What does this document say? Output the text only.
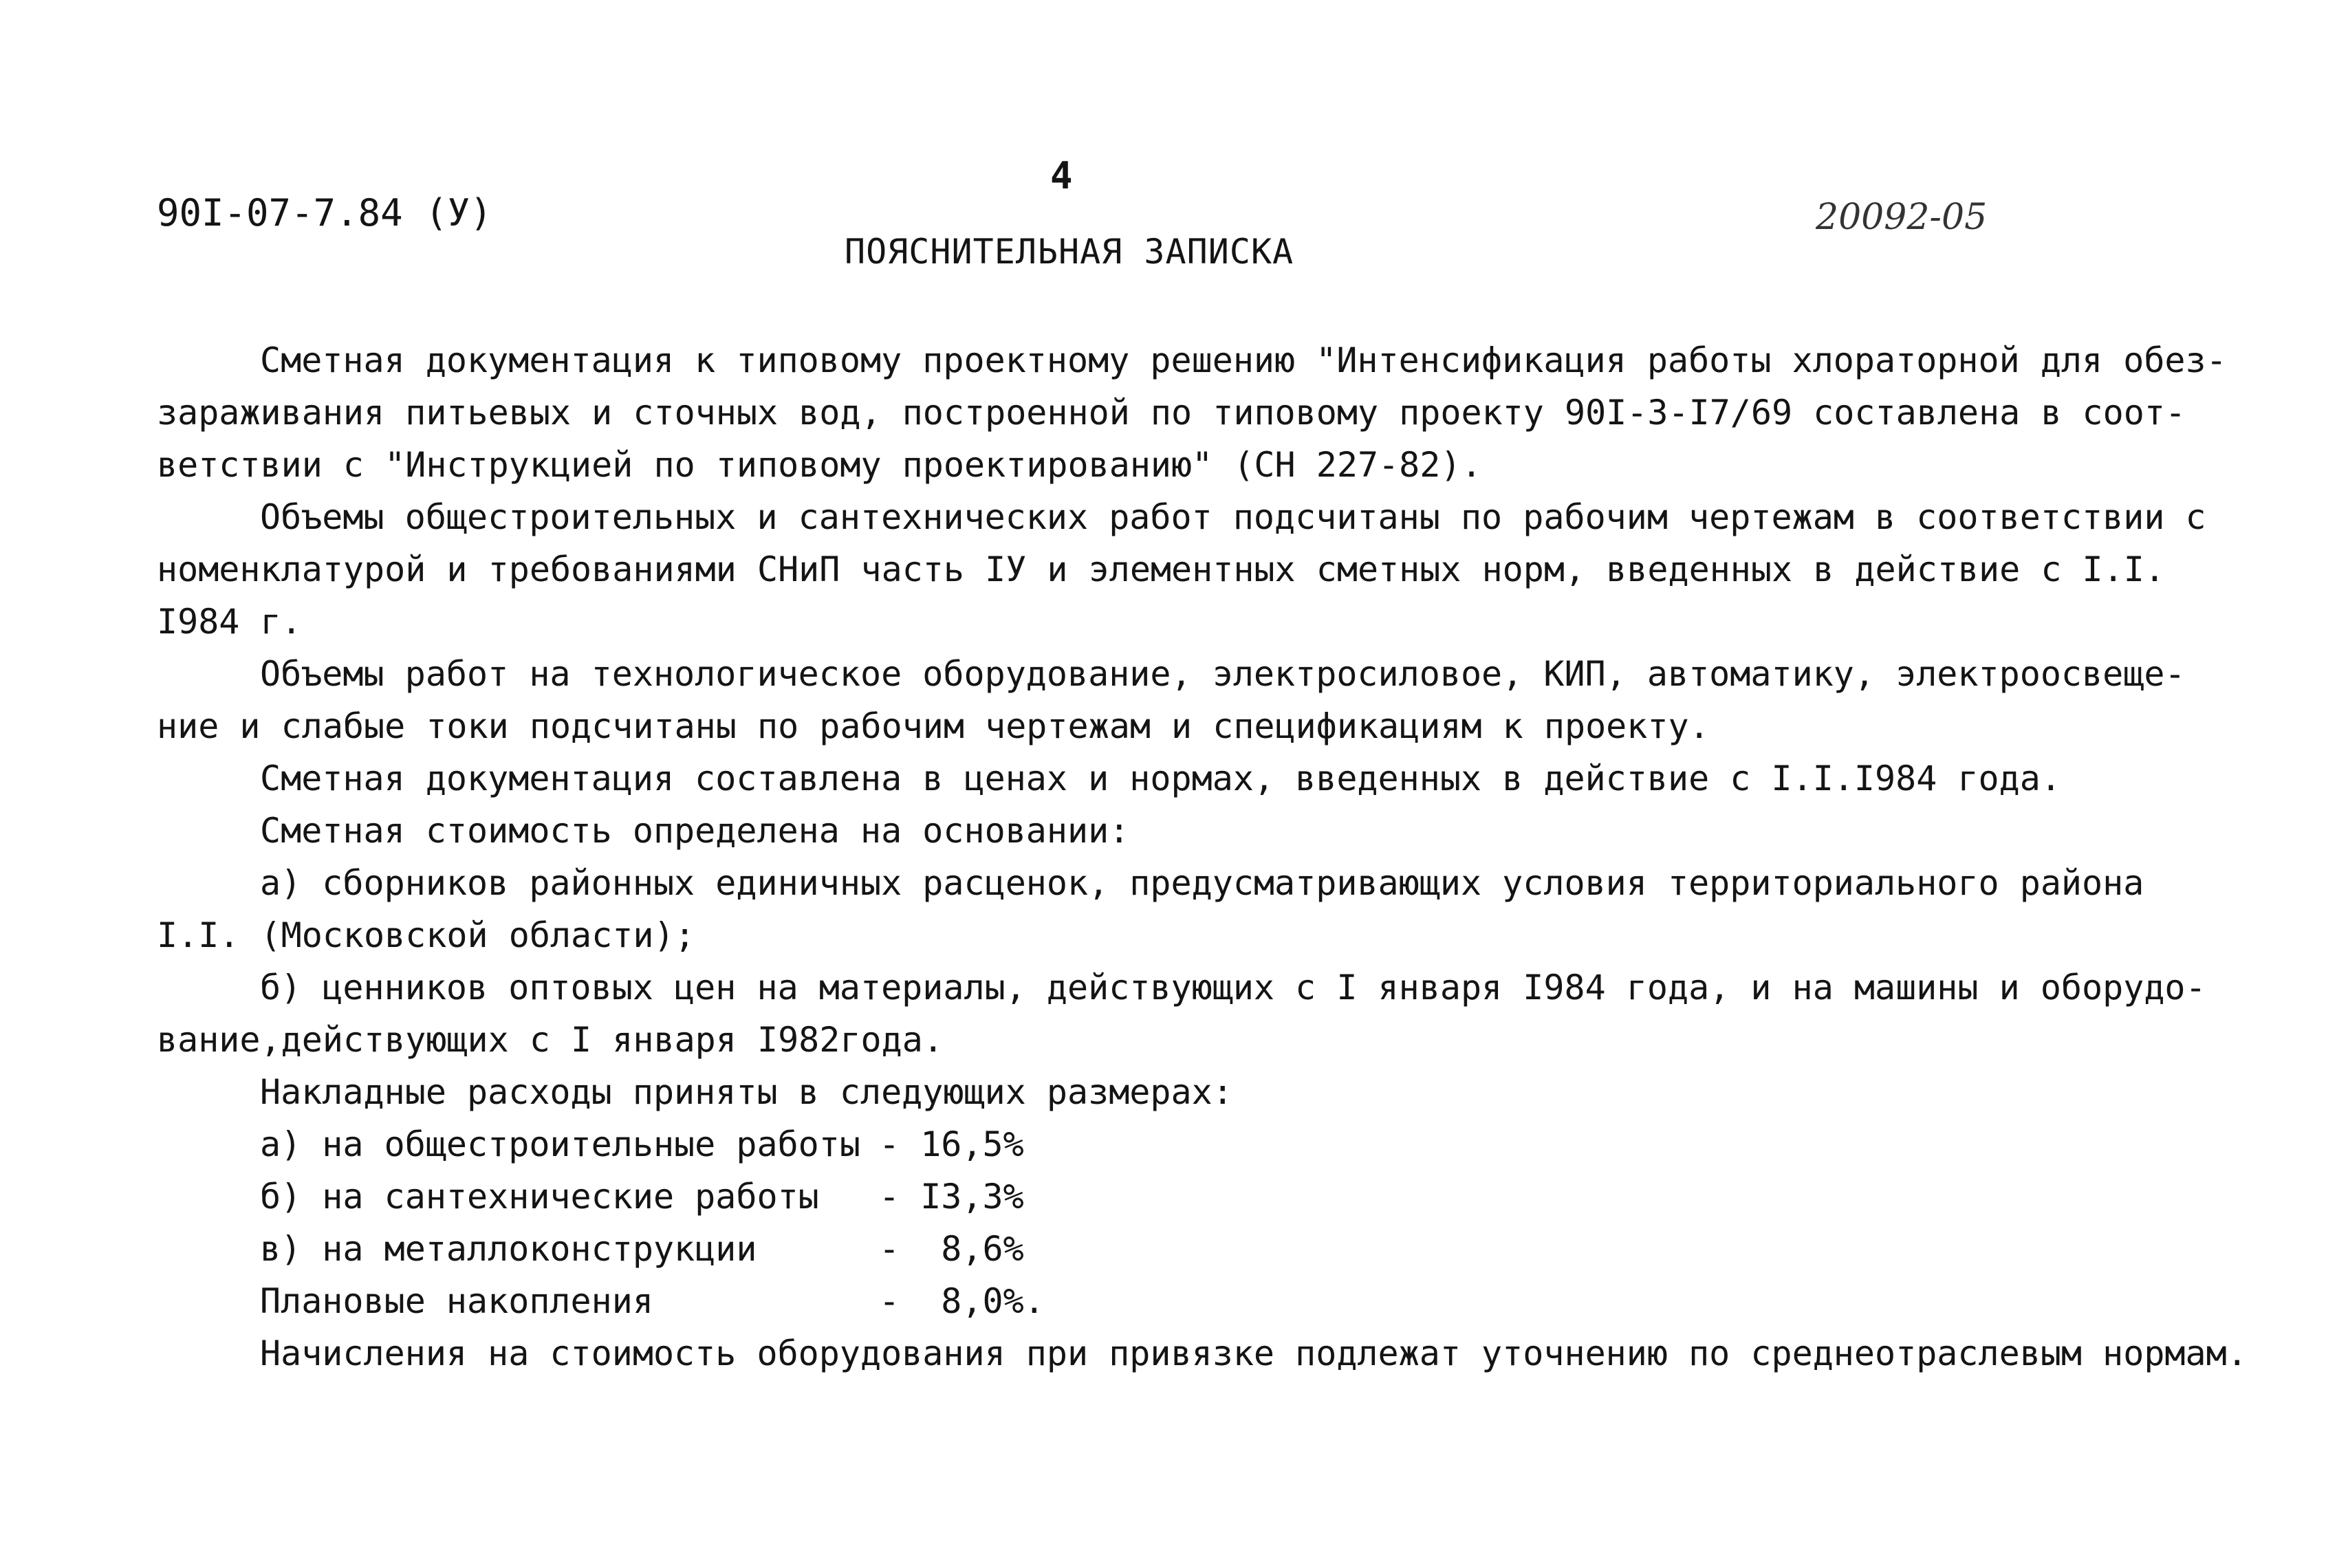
90I-07-7.84 (У)
4
ПОЯСНИТЕЛЬНАЯ ЗАПИСКА
20092-05
Сметная документация к типовому проектному решению "Интенсификация работы хлораторной для обез-
зараживания питьевых и сточных вод, построенной по типовому проекту 90I-3-I7/69 составлена в соот-
ветствии с "Инструкцией по типовому проектированию" (СН 227-82).
Объемы общестроительных и сантехнических работ подсчитаны по рабочим чертежам в соответствии с
номенклатурой и требованиями СНиП часть IУ и элементных сметных норм, введенных в действие с I.I.
I984 г.
Объемы работ на технологическое оборудование, электросиловое, КИП, автоматику, электроосвеще-
ние и слабые токи подсчитаны по рабочим чертежам и спецификациям к проекту.
Сметная документация составлена в ценах и нормах, введенных в действие с I.I.I984 года.
Сметная стоимость определена на основании:
а) сборников районных единичных расценок, предусматривающих условия территориального района
I.I. (Московской области);
б) ценников оптовых цен на материалы, действующих с I января I984 года, и на машины и оборудо-
вание,действующих с I января I982года.
Накладные расходы приняты в следующих размерах:
а) на общестроительные работы - 16,5%
б) на сантехнические работы	- I3,3%
в) на металлоконструкции	-  8,6%
Плановые накопления	-  8,0%.
Начисления на стоимость оборудования при привязке подлежат уточнению по среднеотраслевым нормам.
